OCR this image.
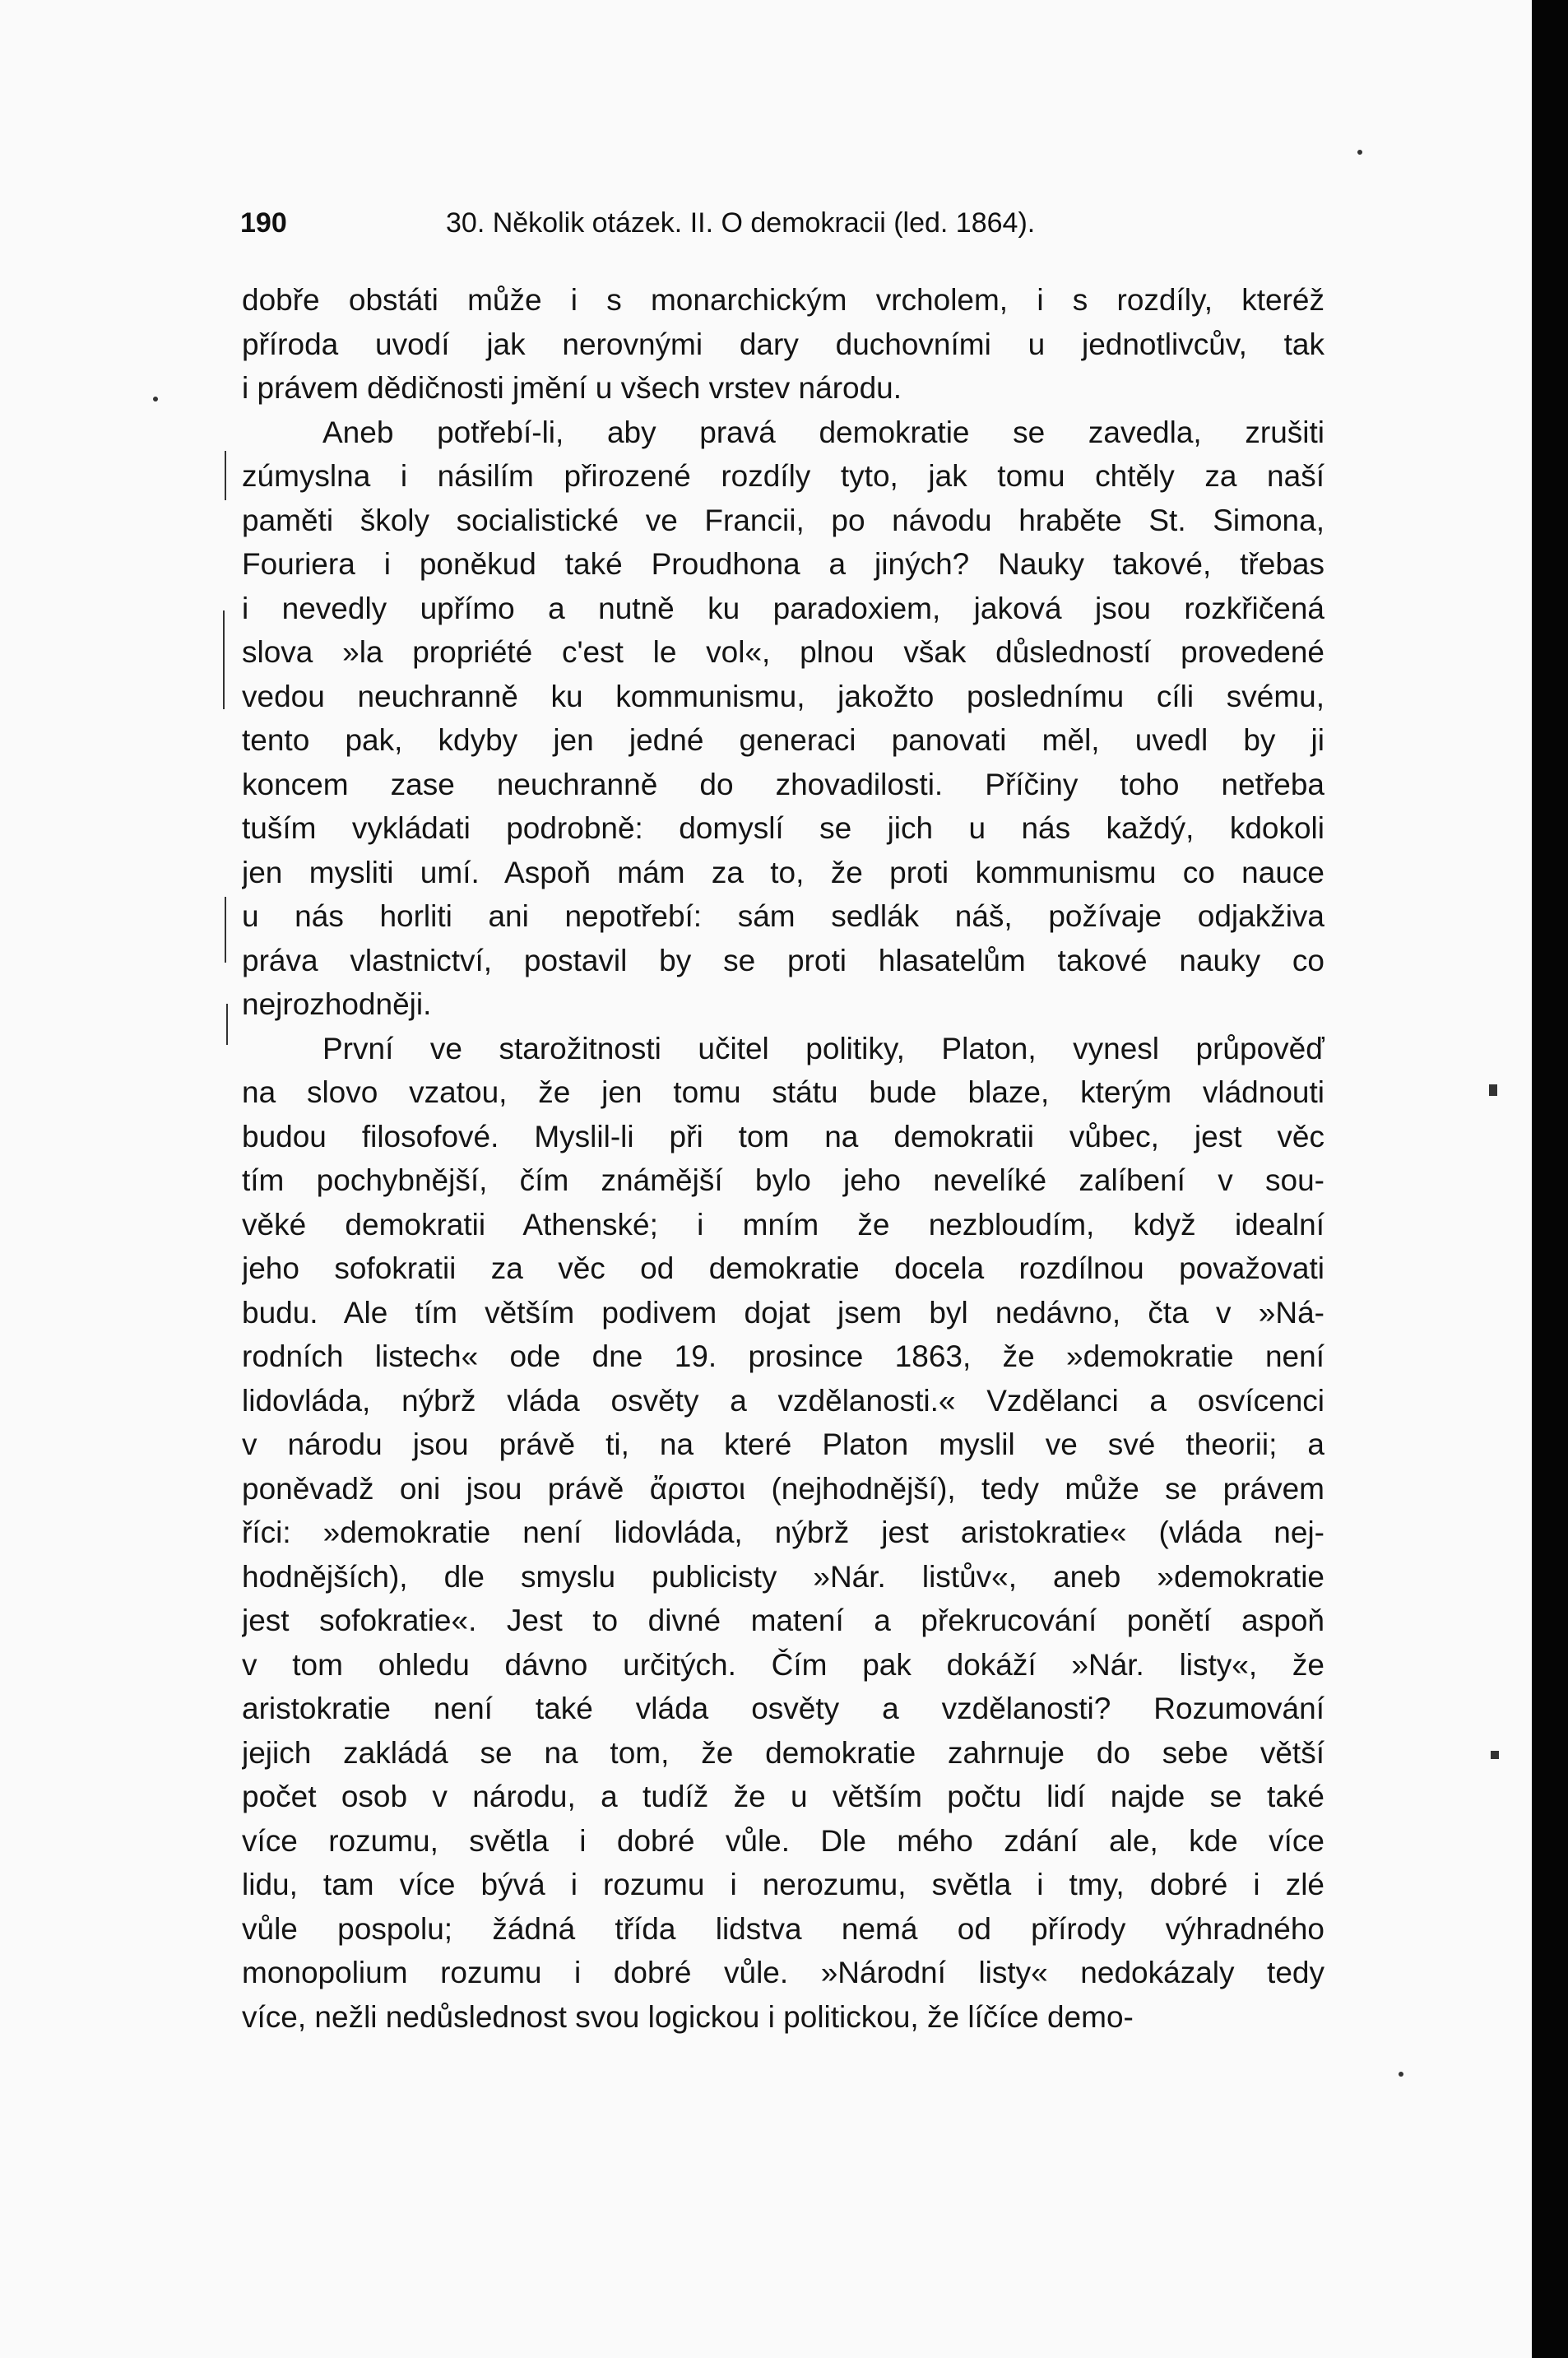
190	30. Několik otázek. II. O demokracii (led. 1864).
dobře obstáti může i s monarchickým vrcholem, i s rozdíly, kteréž
příroda uvodí jak nerovnými dary duchovními u jednotlivcův, tak
i právem dědičnosti jmění u všech vrstev národu.
Aneb potřebí-li, aby pravá demokratie se zavedla, zrušiti
zúmyslna i násilím přirozené rozdíly tyto, jak tomu chtěly za naší
paměti školy socialistické ve Francii, po návodu hraběte St. Simona,
Fouriera i poněkud také Proudhona a jiných? Nauky takové, třebas
i nevedly upřímo a nutně ku paradoxiem, jaková jsou rozkřičená
slova »la propriété c'est le vol«, plnou však důsledností provedené
vedou neuchranně ku kommunismu, jakožto poslednímu cíli svému,
tento pak, kdyby jen jedné generaci panovati měl, uvedl by ji
koncem zase neuchranně do zhovadilosti. Příčiny toho netřeba
tuším vykládati podrobně: domyslí se jich u nás každý, kdokoli
jen mysliti umí. Aspoň mám za to, že proti kommunismu co nauce
u nás horliti ani nepotřebí: sám sedlák náš, požívaje odjakživa
práva vlastnictví, postavil by se proti hlasatelům takové nauky co
nejrozhodněji.
První ve starožitnosti učitel politiky, Platon, vynesl průpověď
na slovo vzatou, že jen tomu státu bude blaze, kterým vládnouti
budou filosofové. Myslil-li při tom na demokratii vůbec, jest věc
tím pochybnější, čím známější bylo jeho nevelíké zalíbení v sou-
věké demokratii Athenské; i mním že nezbloudím, když idealní
jeho sofokratii za věc od demokratie docela rozdílnou považovati
budu. Ale tím větším podivem dojat jsem byl nedávno, čta v »Ná-
rodních listech« ode dne 19. prosince 1863, že »demokratie není
lidovláda, nýbrž vláda osvěty a vzdělanosti.« Vzdělanci a osvícenci
v národu jsou právě ti, na které Platon myslil ve své theorii; a
poněvadž oni jsou právě ἄριστοι (nejhodnější), tedy může se právem
říci: »demokratie není lidovláda, nýbrž jest aristokratie« (vláda nej-
hodnějších), dle smyslu publicisty »Nár. listův«, aneb »demokratie
jest sofokratie«. Jest to divné matení a překrucování ponětí aspoň
v tom ohledu dávno určitých. Čím pak dokáží »Nár. listy«, že
aristokratie není také vláda osvěty a vzdělanosti? Rozumování
jejich zakládá se na tom, že demokratie zahrnuje do sebe větší
počet osob v národu, a tudíž že u větším počtu lidí najde se také
více rozumu, světla i dobré vůle. Dle mého zdání ale, kde více
lidu, tam více bývá i rozumu i nerozumu, světla i tmy, dobré i zlé
vůle pospolu; žádná třída lidstva nemá od přírody výhradného
monopolium rozumu i dobré vůle. »Národní listy« nedokázaly tedy
více, nežli nedůslednost svou logickou i politickou, že líčíce demo-
